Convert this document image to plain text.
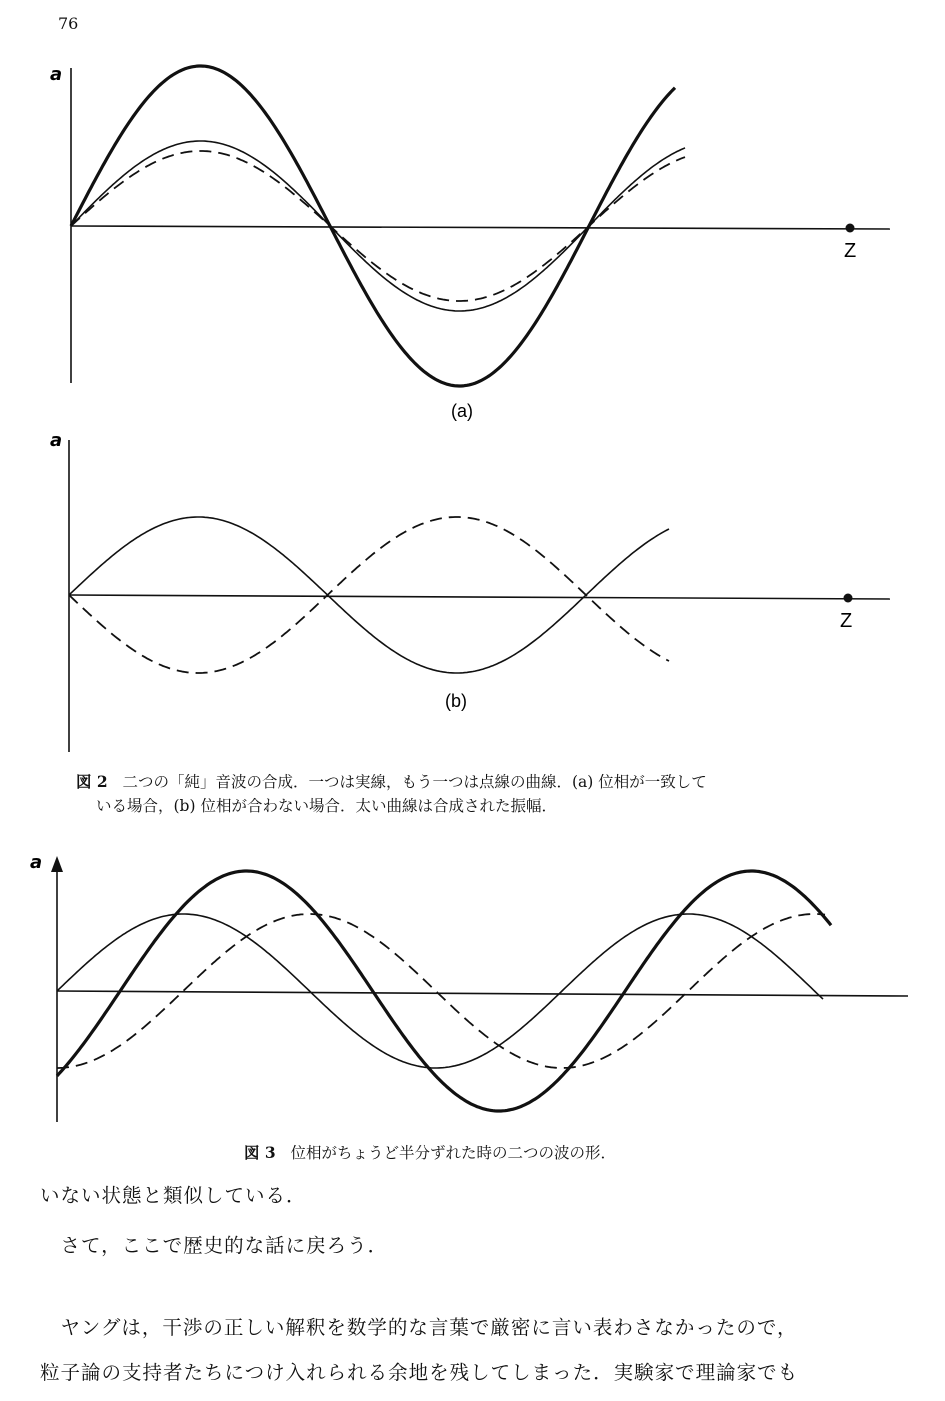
76
a
Z
(a)
a
Z
(b)
図 2 二つの「純」音波の合成．一つは実線，もう一つは点線の曲線．(a) 位相が一致して
いる場合，(b) 位相が合わない場合．太い曲線は合成された振幅．
a
図 3 位相がちょうど半分ずれた時の二つの波の形．
いない状態と類似している．
　さて，ここで歴史的な話に戻ろう．
　ヤングは，干渉の正しい解釈を数学的な言葉で厳密に言い表わさなかったので，
粒子論の支持者たちにつけ入れられる余地を残してしまった．実験家で理論家でも
